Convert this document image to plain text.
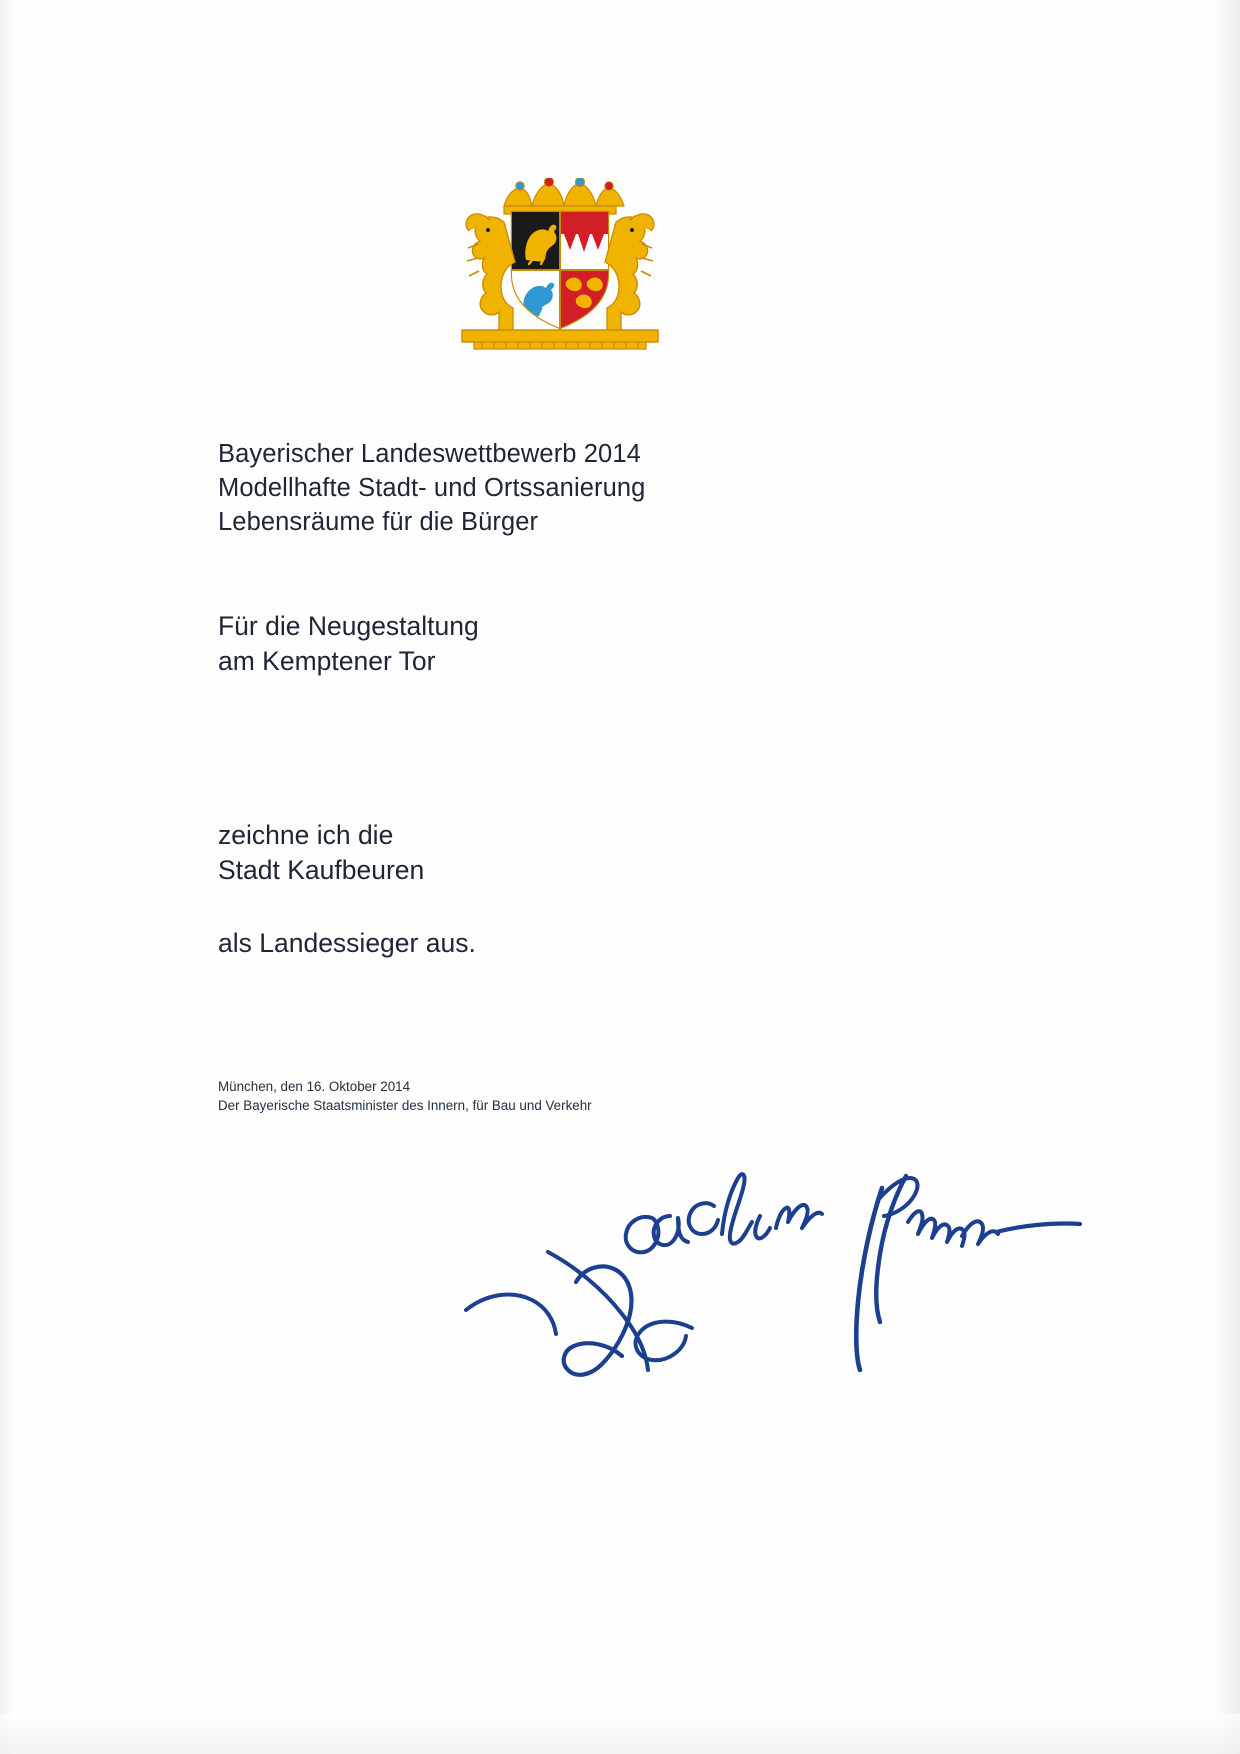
Bayerischer Landeswettbewerb 2014
Modellhafte Stadt- und Ortssanierung
Lebensräume für die Bürger
Für die Neugestaltung
am Kemptener Tor
zeichne ich die
Stadt Kaufbeuren
als Landessieger aus.
München, den 16. Oktober 2014
Der Bayerische Staatsminister des Innern, für Bau und Verkehr
